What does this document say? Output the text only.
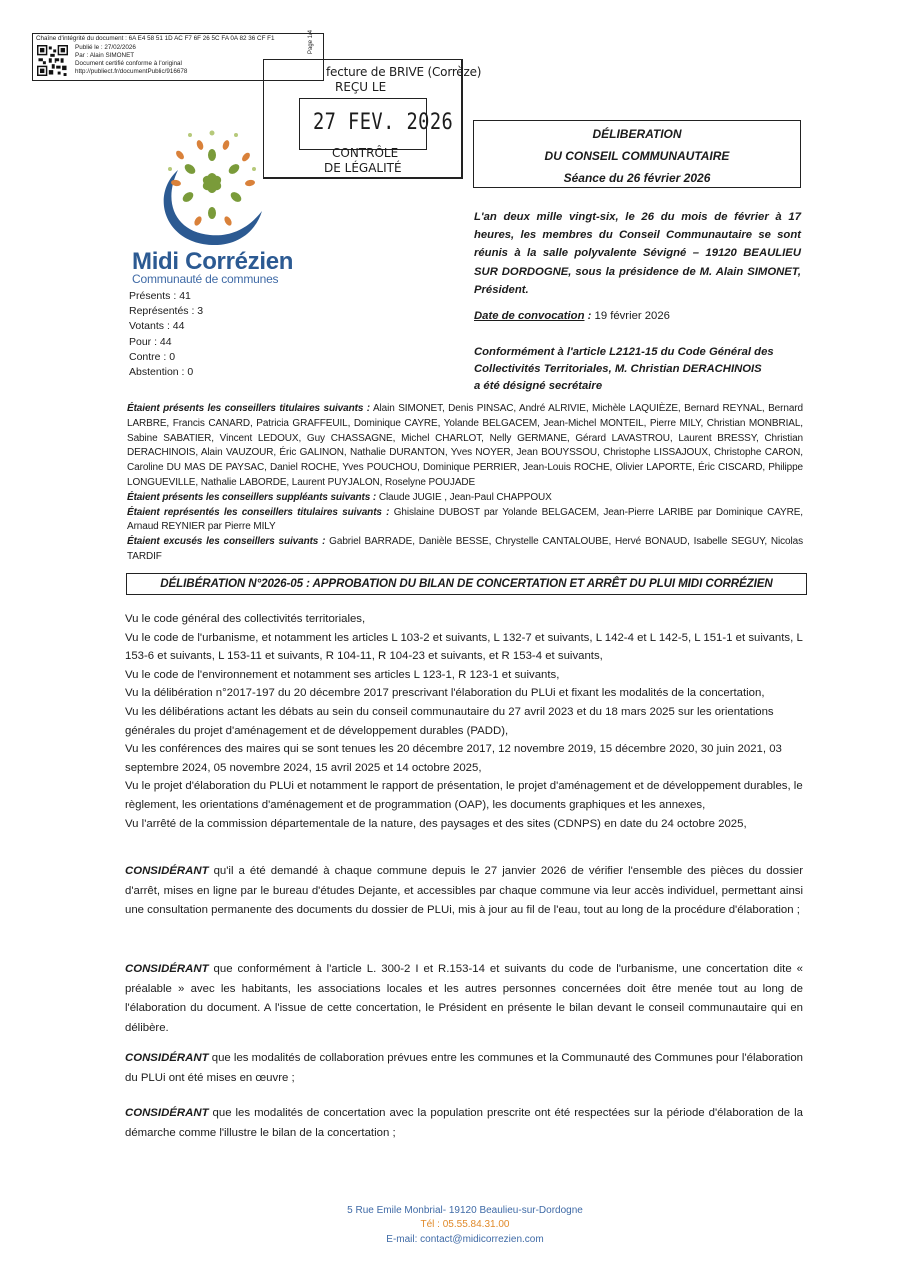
Chaîne d'intégrité du document : 6A E4 58 51 1D AC F7 6F 26 5C FA 0A 82 36 CF F1
Publié le : 27/02/2026
Par : Alain SIMONET
Document certifié conforme à l'original
http://publiect.fr/documentPublic/916678
Page 1/4
fecture de BRIVE (Corrèze)
REÇU LE
27 FEV. 2026
CONTRÔLE
DE LÉGALITÉ
Midi Corrézien
Communauté de communes
Présents : 41
Représentés : 3
Votants : 44
Pour : 44
Contre : 0
Abstention : 0
DÉLIBERATION
DU CONSEIL COMMUNAUTAIRE
Séance du 26 février 2026
L'an deux mille vingt-six, le 26 du mois de février à 17 heures, les membres du Conseil Communautaire se sont réunis à la salle polyvalente Sévigné – 19120 BEAULIEU SUR DORDOGNE, sous la présidence de M. Alain SIMONET, Président.
Date de convocation : 19 février 2026
Conformément à l'article L2121-15 du Code Général des
Collectivités Territoriales, M. Christian DERACHINOIS
a été désigné secrétaire
Étaient présents les conseillers titulaires suivants : Alain SIMONET, Denis PINSAC, André ALRIVIE, Michèle LAQUIÈZE, Bernard REYNAL, Bernard LARBRE, Francis CANARD, Patricia GRAFFEUIL, Dominique CAYRE, Yolande BELGACEM, Jean-Michel MONTEIL, Pierre MILY, Christian MONBRIAL, Sabine SABATIER, Vincent LEDOUX, Guy CHASSAGNE, Michel CHARLOT, Nelly GERMANE, Gérard LAVASTROU, Laurent BRESSY, Christian DERACHINOIS, Alain VAUZOUR, Éric GALINON, Nathalie DURANTON, Yves NOYER, Jean BOUYSSOU, Christophe LISSAJOUX, Christophe CARON, Caroline DU MAS DE PAYSAC, Daniel ROCHE, Yves POUCHOU, Dominique PERRIER, Jean-Louis ROCHE, Olivier LAPORTE, Éric CISCARD, Philippe LONGUEVILLE, Nathalie LABORDE, Laurent PUYJALON, Roselyne POUJADE
Étaient présents les conseillers suppléants suivants : Claude JUGIE , Jean-Paul CHAPPOUX
Étaient représentés les conseillers titulaires suivants : Ghislaine DUBOST par Yolande BELGACEM, Jean-Pierre LARIBE par Dominique CAYRE, Arnaud REYNIER par Pierre MILY
Étaient excusés les conseillers suivants : Gabriel BARRADE, Danièle BESSE, Chrystelle CANTALOUBE, Hervé BONAUD, Isabelle SEGUY, Nicolas TARDIF
DÉLIBÉRATION N°2026-05 : APPROBATION DU BILAN DE CONCERTATION ET ARRÊT DU PLUI MIDI CORRÉZIEN

Vu le code général des collectivités territoriales,

Vu le code de l'urbanisme, et notamment les articles L 103-2 et suivants, L 132-7 et suivants, L 142-4 et L 142-5, L 151-1 et suivants, L 153-6 et suivants, L 153-11 et suivants, R 104-11, R 104-23 et suivants, et R 153-4 et suivants,

Vu le code de l'environnement et notamment ses articles L 123-1, R 123-1 et suivants,

Vu la délibération n°2017-197 du 20 décembre 2017 prescrivant l'élaboration du PLUi et fixant les modalités de la concertation,

Vu les délibérations actant les débats au sein du conseil communautaire du 27 avril 2023 et du 18 mars 2025 sur les orientations générales du projet d'aménagement et de développement durables (PADD),

Vu les conférences des maires qui se sont tenues les 20 décembre 2017, 12 novembre 2019, 15 décembre 2020, 30 juin 2021, 03 septembre 2024, 05 novembre 2024, 15 avril 2025 et 14 octobre 2025,

Vu le projet d'élaboration du PLUi et notamment le rapport de présentation, le projet d'aménagement et de développement durables, le règlement, les orientations d'aménagement et de programmation (OAP), les documents graphiques et les annexes,

Vu l'arrêté de la commission départementale de la nature, des paysages et des sites (CDNPS) en date du 24 octobre 2025,

CONSIDÉRANT qu'il a été demandé à chaque commune depuis le 27 janvier 2026 de vérifier l'ensemble des pièces du dossier d'arrêt, mises en ligne par le bureau d'études Dejante, et accessibles par chaque commune via leur accès individuel, permettant ainsi une consultation permanente des documents du dossier de PLUi, mis à jour au fil de l'eau, tout au long de la procédure d'élaboration ;
CONSIDÉRANT que conformément à l'article L. 300-2 I et R.153-14 et suivants du code de l'urbanisme, une concertation dite « préalable » avec les habitants, les associations locales et les autres personnes concernées doit être menée tout au long de l'élaboration du document. A l'issue de cette concertation, le Président en présente le bilan devant le conseil communautaire qui en délibère.
CONSIDÉRANT que les modalités de collaboration prévues entre les communes et la Communauté des Communes pour l'élaboration du PLUi ont été mises en œuvre ;
CONSIDÉRANT que les modalités de concertation avec la population prescrite ont été respectées sur la période d'élaboration de la démarche comme l'illustre le bilan de la concertation ;
5 Rue Emile Monbrial- 19120 Beaulieu-sur-Dordogne
Tél : 05.55.84.31.00
E-mail: contact@midicorrezien.com
